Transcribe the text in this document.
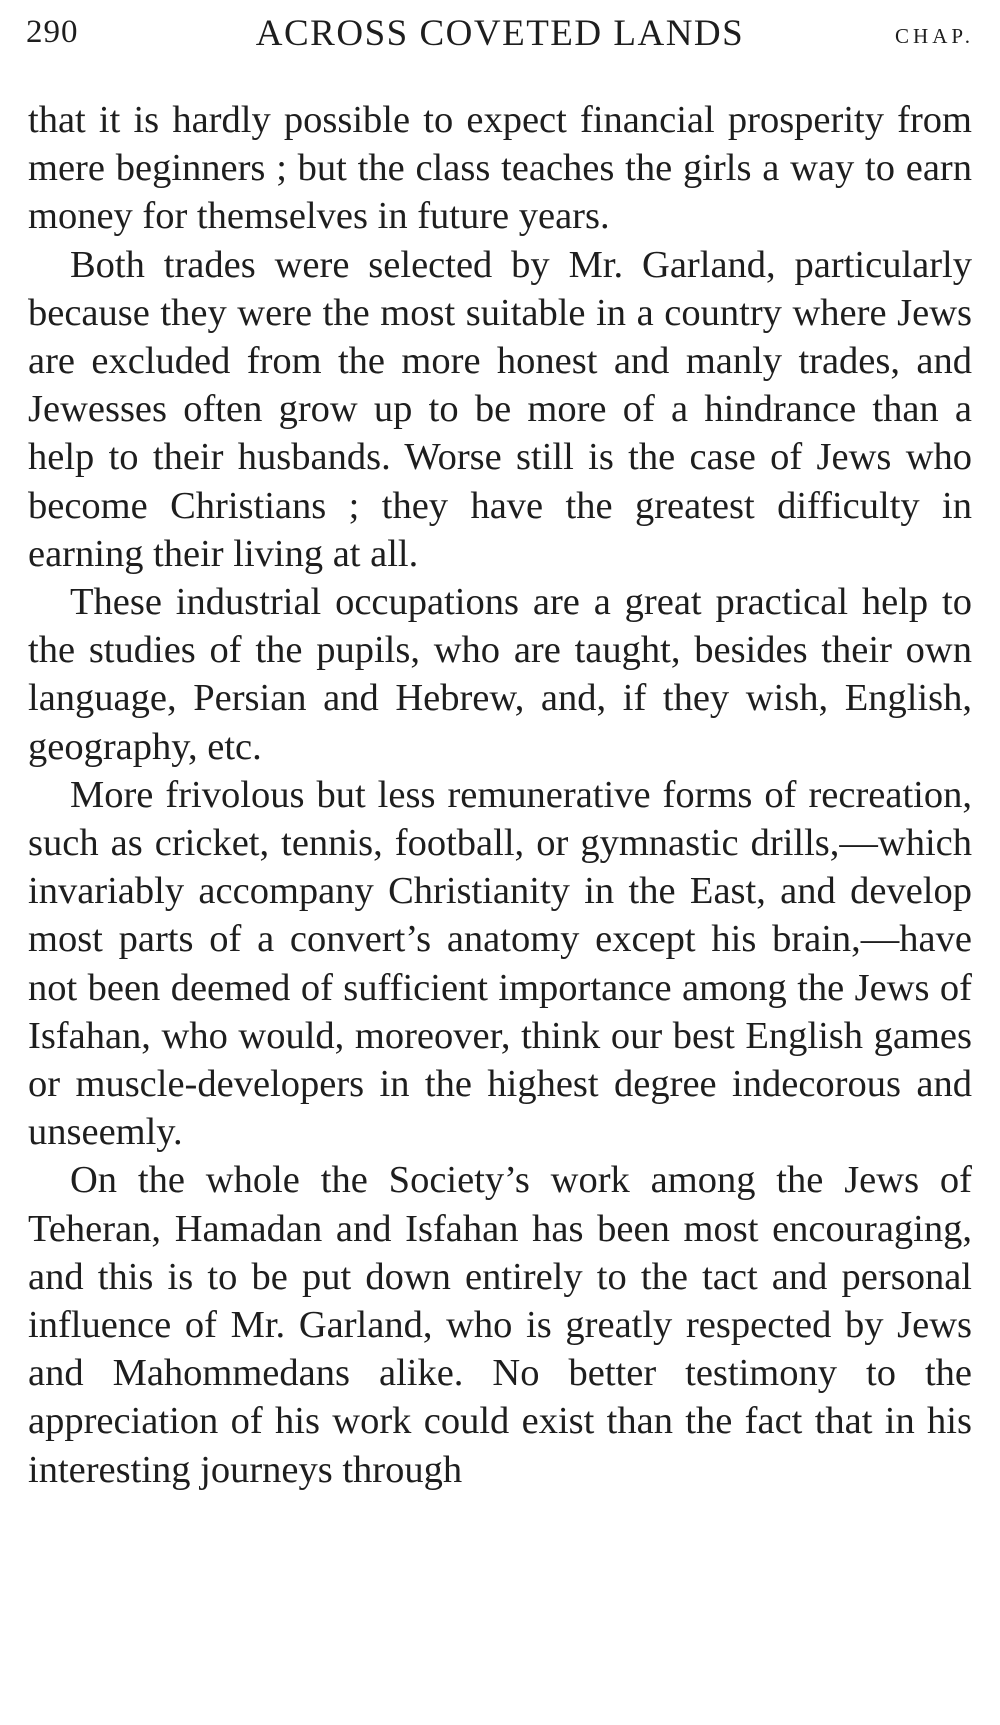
290	ACROSS COVETED LANDS	CHAP.

that it is hardly possible to expect financial prosperity from mere beginners ; but the class teaches the girls a way to earn money for themselves in future years.

Both trades were selected by Mr. Garland, particularly because they were the most suitable in a country where Jews are excluded from the more honest and manly trades, and Jewesses often grow up to be more of a hindrance than a help to their husbands. Worse still is the case of Jews who become Christians ; they have the greatest difficulty in earning their living at all.

These industrial occupations are a great practical help to the studies of the pupils, who are taught, besides their own language, Persian and Hebrew, and, if they wish, English, geography, etc.

More frivolous but less remunerative forms of recreation, such as cricket, tennis, football, or gymnastic drills,—which invariably accompany Christianity in the East, and develop most parts of a convert’s anatomy except his brain,—have not been deemed of sufficient importance among the Jews of Isfahan, who would, moreover, think our best English games or muscle-developers in the highest degree indecorous and unseemly.

On the whole the Society’s work among the Jews of Teheran, Hamadan and Isfahan has been most encouraging, and this is to be put down entirely to the tact and personal influence of Mr. Garland, who is greatly respected by Jews and Mahommedans alike. No better testimony to the appreciation of his work could exist than the fact that in his interesting journeys through
